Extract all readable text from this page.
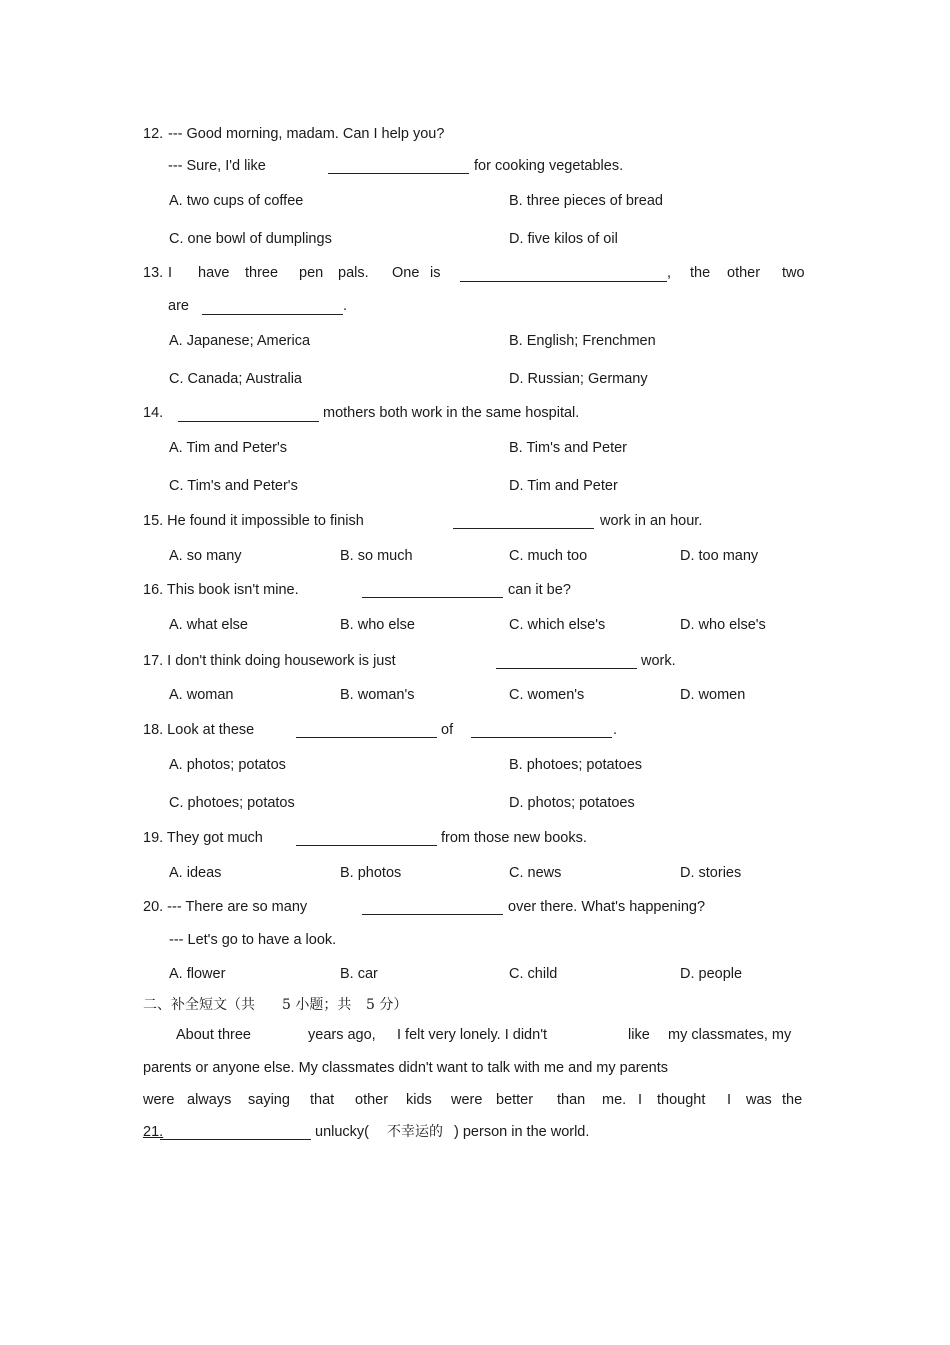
12. --- Good morning, madam. Can I help you?
--- Sure, I'd like	for cooking vegetables.
A. two cups of coffee	B. three pieces of bread
C. one bowl of dumplings	D. five kilos of oil
13. I have three pen pals. One is	, the other two
are	.
A. Japanese; America	B. English; Frenchmen
C. Canada; Australia	D. Russian; Germany
14.	mothers both work in the same hospital.
A. Tim and Peter's	B. Tim's and Peter
C. Tim's and Peter's	D. Tim and Peter
15. He found it impossible to finish	work in an hour.
A. so many	B. so much	C. much too	D. too many
16. This book isn't mine.	can it be?
A. what else	B. who else	C. which else's	D. who else's
17. I don't think doing housework is just	work.
A. woman	B. woman's	C. women's	D. women
18. Look at these	of	.
A. photos; potatos	B. photoes; potatoes
C. photoes; potatos	D. photos; potatoes
19. They got much	from those new books.
A. ideas	B. photos	C. news	D. stories
20. --- There are so many	over there. What's happening?
--- Let's go to have a look.
A. flower	B. car	C. child	D. people
二、补全短文（共 5 小题；共 5 分）
About three	years ago, I felt very lonely. I didn't	like my classmates, my
parents or anyone else. My classmates didn't want to talk with me and my parents
were always saying that other kids were better than me. I thought I was the
21.	unlucky( 不幸运的 ) person in the world.
